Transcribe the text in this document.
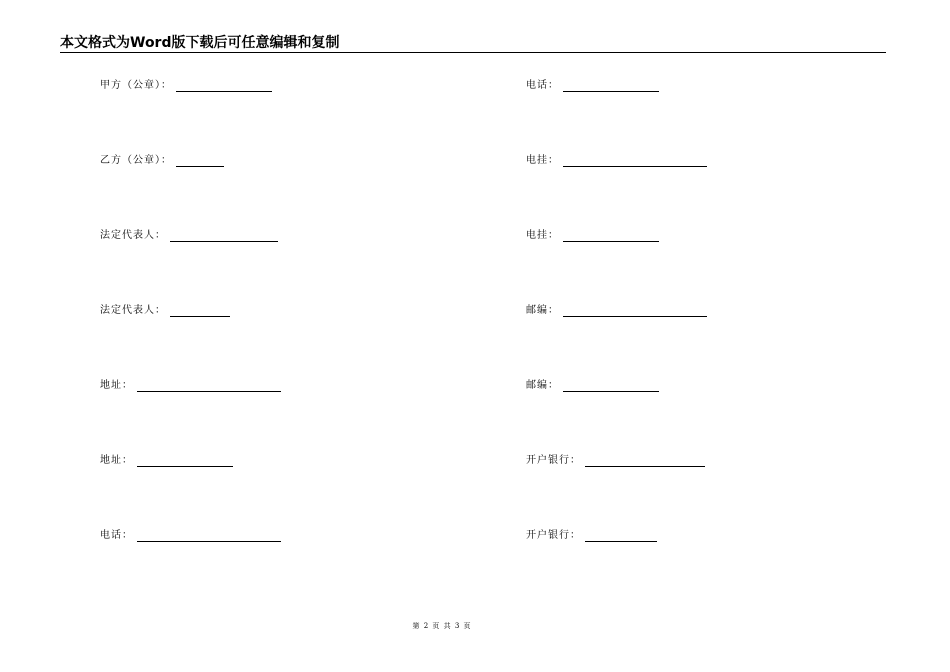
本文格式为Word版下载后可任意编辑和复制
甲方（公章）：
乙方（公章）：
法定代表人：
法定代表人：
地址：
地址：
电话：
电话：
电挂：
电挂：
邮编：
邮编：
开户银行：
开户银行：
第 2 页 共 3 页
